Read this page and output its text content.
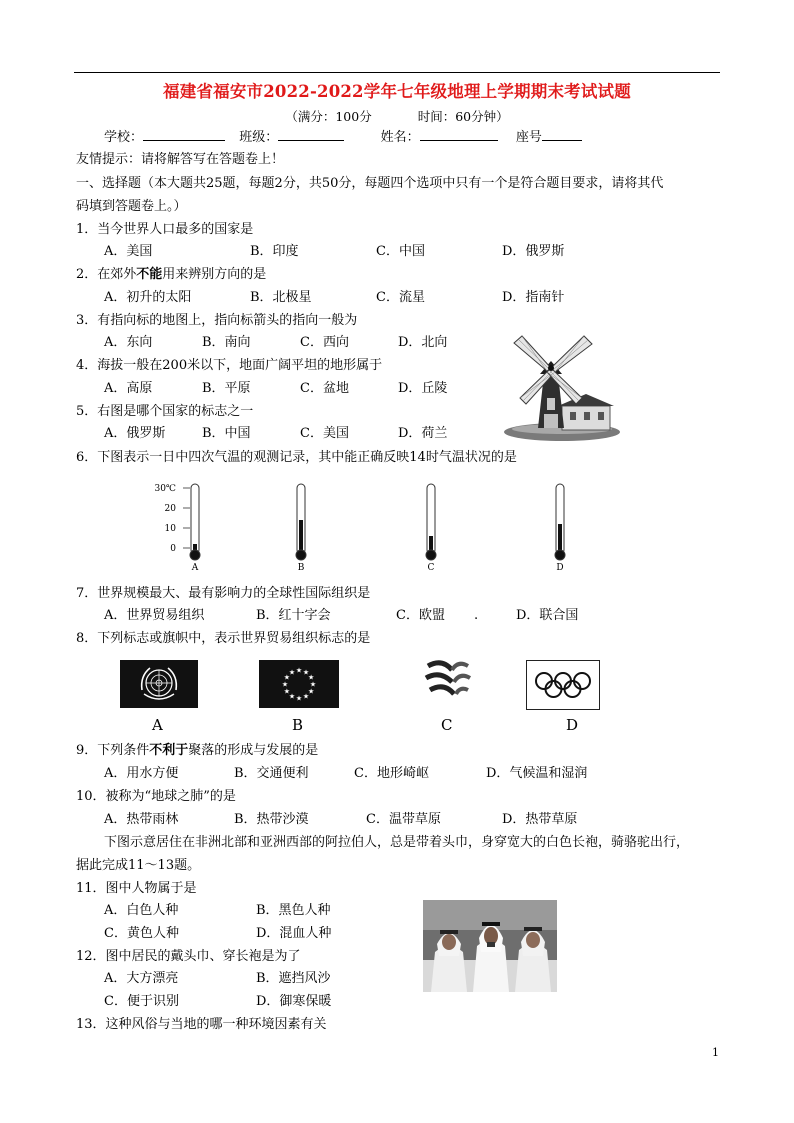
福建省福安市2022-2022学年七年级地理上学期期末考试试题
（满分：100分	时间：60分钟）
学校：	班级：	姓名：	座号
友情提示：请将解答写在答题卷上！
一、选择题（本大题共25题，每题2分，共50分，每题四个选项中只有一个是符合题目要求，请将其代
码填到答题卷上。）
1．当今世界人口最多的国家是
A．美国	B．印度	C．中国	D．俄罗斯
2．在郊外不能用来辨别方向的是
A．初升的太阳	B．北极星	C．流星	D．指南针
3．有指向标的地图上，指向标箭头的指向一般为
A．东向	B．南向	C．西向	D．北向
4．海拔一般在200米以下，地面广阔平坦的地形属于
A．高原	B．平原	C．盆地	D．丘陵
5．右图是哪个国家的标志之一
A．俄罗斯	B．中国	C．美国	D．荷兰
6．下图表示一日中四次气温的观测记录，其中能正确反映14时气温状况的是
30℃
20
10
0
A	B	C	D
7．世界规模最大、最有影响力的全球性国际组织是
A．世界贸易组织	B．红十字会	C．欧盟 .	D．联合国
8．下列标志或旗帜中，表示世界贸易组织标志的是
A
★ ★
★
★
★
★
★
★
★
★
★
★
B	C	D
9．下列条件不利于聚落的形成与发展的是
A．用水方便	B．交通便利	C．地形崎岖	D．气候温和湿润
10．被称为“地球之肺”的是
A．热带雨林	B．热带沙漠	C．温带草原	D．热带草原
下图示意居住在非洲北部和亚洲西部的阿拉伯人，总是带着头巾，身穿宽大的白色长袍，骑骆驼出行，
据此完成11～13题。
11．图中人物属于是
A．白色人种	B．黑色人种
C．黄色人种	D．混血人种
12．图中居民的戴头巾、穿长袍是为了
A．大方漂亮	B．遮挡风沙
C．便于识别	D．御寒保暖
13．这种风俗与当地的哪一种环境因素有关
1
